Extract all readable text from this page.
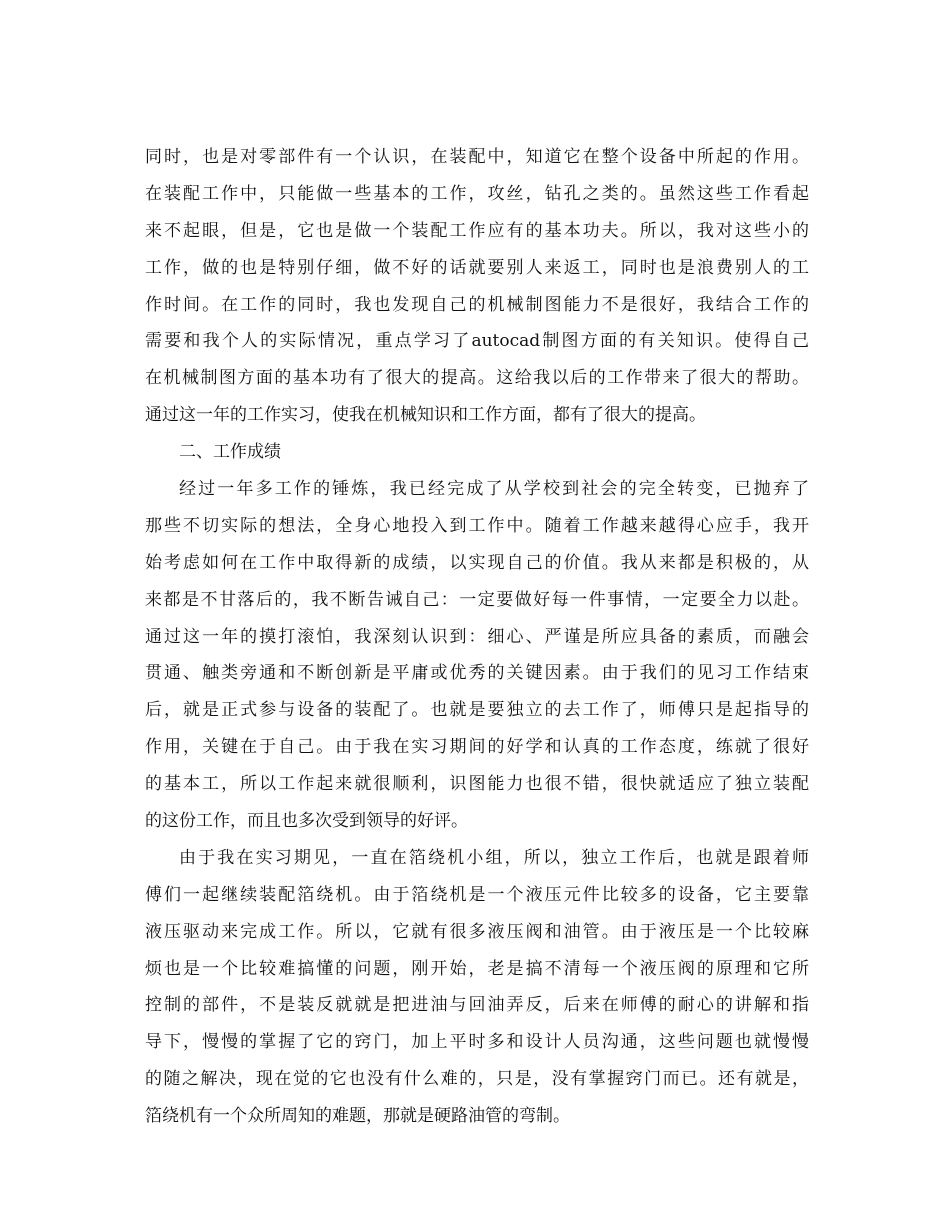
同时，也是对零部件有一个认识，在装配中，知道它在整个设备中所起的作用。
在装配工作中，只能做一些基本的工作，攻丝，钻孔之类的。虽然这些工作看起
来不起眼，但是，它也是做一个装配工作应有的基本功夫。所以，我对这些小的
工作，做的也是特别仔细，做不好的话就要别人来返工，同时也是浪费别人的工
作时间。在工作的同时，我也发现自己的机械制图能力不是很好，我结合工作的
需要和我个人的实际情况，重点学习了autocad制图方面的有关知识。使得自己
在机械制图方面的基本功有了很大的提高。这给我以后的工作带来了很大的帮助。
通过这一年的工作实习，使我在机械知识和工作方面，都有了很大的提高。
二、工作成绩
经过一年多工作的锤炼，我已经完成了从学校到社会的完全转变，已抛弃了
那些不切实际的想法，全身心地投入到工作中。随着工作越来越得心应手，我开
始考虑如何在工作中取得新的成绩，以实现自己的价值。我从来都是积极的，从
来都是不甘落后的，我不断告诫自己：一定要做好每一件事情，一定要全力以赴。
通过这一年的摸打滚怕，我深刻认识到：细心、严谨是所应具备的素质，而融会
贯通、触类旁通和不断创新是平庸或优秀的关键因素。由于我们的见习工作结束
后，就是正式参与设备的装配了。也就是要独立的去工作了，师傅只是起指导的
作用，关键在于自己。由于我在实习期间的好学和认真的工作态度，练就了很好
的基本工，所以工作起来就很顺利，识图能力也很不错，很快就适应了独立装配
的这份工作，而且也多次受到领导的好评。
由于我在实习期见，一直在箔绕机小组，所以，独立工作后，也就是跟着师
傅们一起继续装配箔绕机。由于箔绕机是一个液压元件比较多的设备，它主要靠
液压驱动来完成工作。所以，它就有很多液压阀和油管。由于液压是一个比较麻
烦也是一个比较难搞懂的问题，刚开始，老是搞不清每一个液压阀的原理和它所
控制的部件，不是装反就就是把进油与回油弄反，后来在师傅的耐心的讲解和指
导下，慢慢的掌握了它的窍门，加上平时多和设计人员沟通，这些问题也就慢慢
的随之解决，现在觉的它也没有什么难的，只是，没有掌握窍门而已。还有就是，
箔绕机有一个众所周知的难题，那就是硬路油管的弯制。
